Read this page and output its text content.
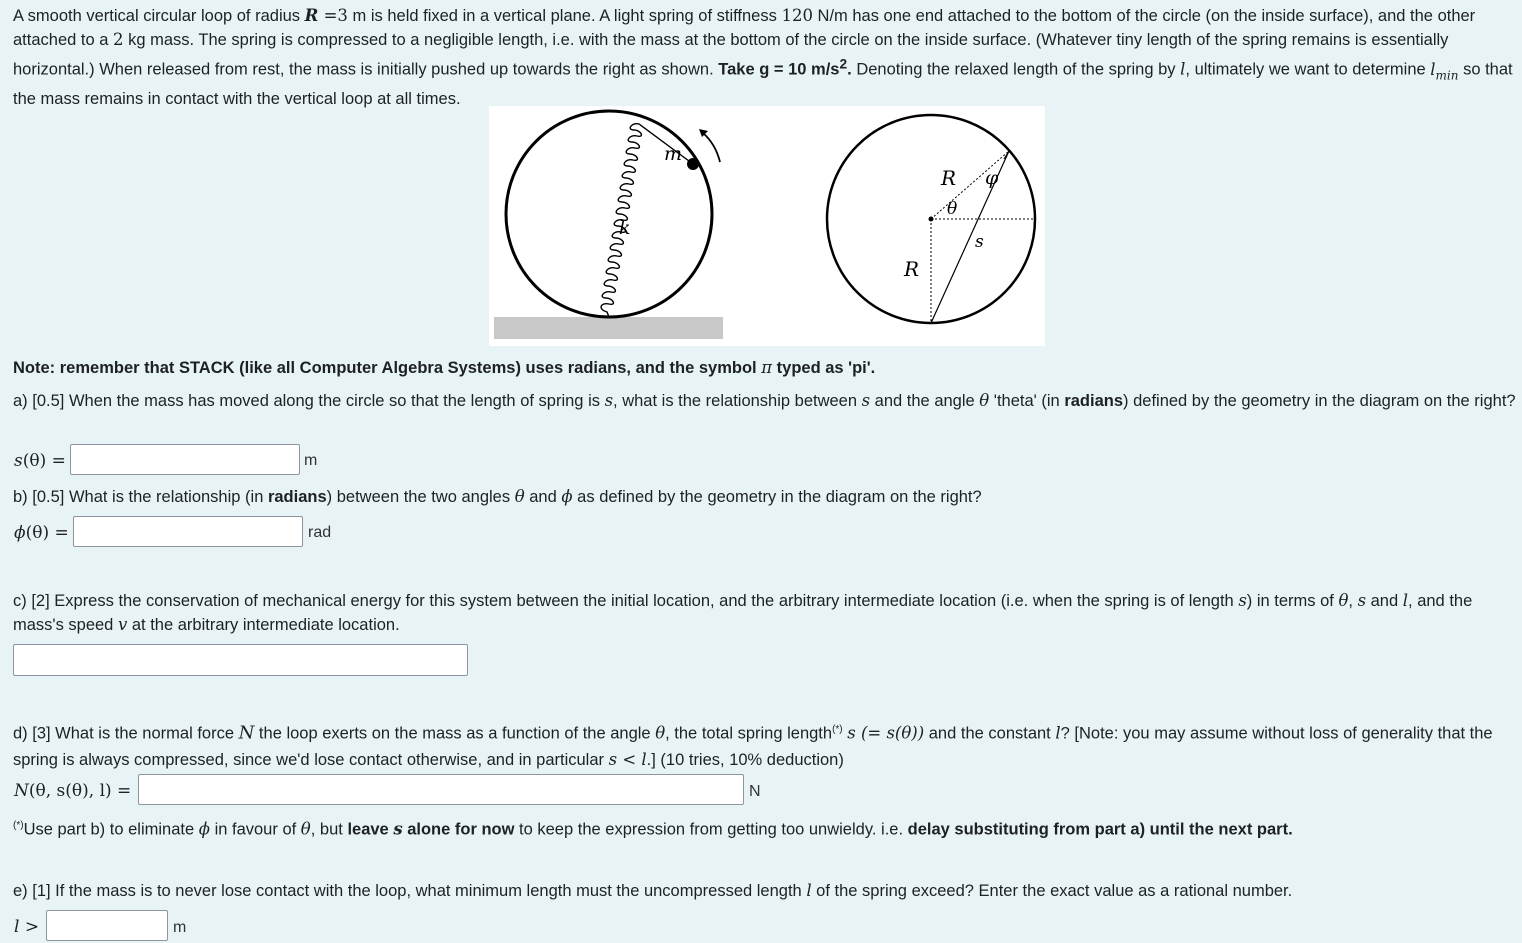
A smooth vertical circular loop of radius R =3 m is held fixed in a vertical plane. A light spring of stiffness 120 N/m has one end attached to the bottom of the circle (on the inside surface), and the other attached to a 2 kg mass. The spring is compressed to a negligible length, i.e. with the mass at the bottom of the circle on the inside surface. (Whatever tiny length of the spring remains is essentially horizontal.) When released from rest, the mass is initially pushed up towards the right as shown. Take g = 10 $m/s^2$. Denoting the relaxed length of the spring by l, ultimately we want to determine $l_{min}$ so that the mass remains in contact with the vertical loop at all times.

m
k
R φ
θ
s
R

Note: remember that STACK (like all Computer Algebra Systems) uses radians, and the symbol π typed as 'pi'.

a) [0.5] When the mass has moved along the circle so that the length of spring is s, what is the relationship between s and the angle θ 'theta' (in radians) defined by the geometry in the diagram on the right?

s(θ) =	m

b) [0.5] What is the relationship (in radians) between the two angles θ and ϕ as defined by the geometry in the diagram on the right?

ϕ(θ) =	rad

c) [2] Express the conservation of mechanical energy for this system between the initial location, and the arbitrary intermediate location (i.e. when the spring is of length s) in terms of θ, s and l, and the mass's speed v at the arbitrary intermediate location.

d) [3] What is the normal force N the loop exerts on the mass as a function of the angle θ, the total spring length(*) s (= s(θ)) and the constant l? [Note: you may assume without loss of generality that the spring is always compressed, since we'd lose contact otherwise, and in particular s < l.] (10 tries, 10% deduction)

N(θ, s(θ), l) =	N

(*)Use part b) to eliminate ϕ in favour of θ, but leave s alone for now to keep the expression from getting too unwieldy. i.e. delay substituting from part a) until the next part.

e) [1] If the mass is to never lose contact with the loop, what minimum length must the uncompressed length l of the spring exceed? Enter the exact value as a rational number.

l >	m
